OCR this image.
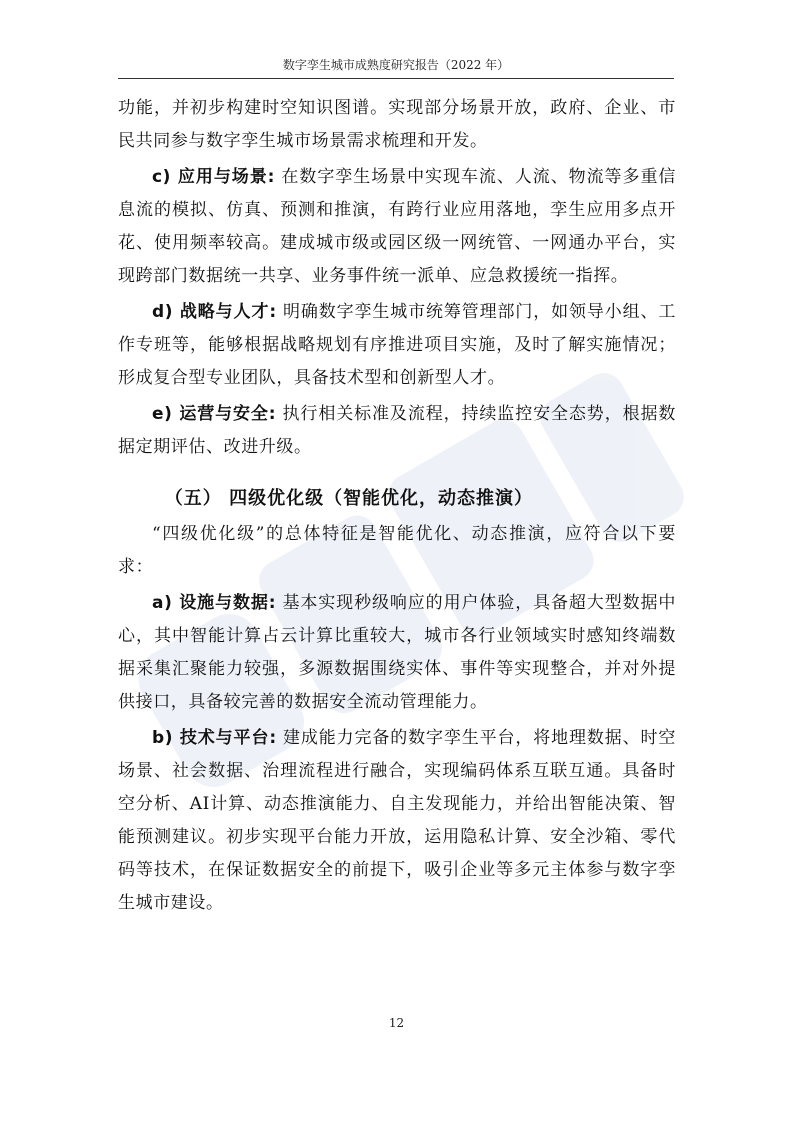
数字孪生城市成熟度研究报告（2022 年）

功能，并初步构建时空知识图谱。实现部分场景开放，政府、企业、市民共同参与数字孪生城市场景需求梳理和开发。

c) 应用与场景: 在数字孪生场景中实现车流、人流、物流等多重信息流的模拟、仿真、预测和推演，有跨行业应用落地，孪生应用多点开花、使用频率较高。建成城市级或园区级一网统管、一网通办平台，实现跨部门数据统一共享、业务事件统一派单、应急救援统一指挥。

d) 战略与人才: 明确数字孪生城市统筹管理部门，如领导小组、工作专班等，能够根据战略规划有序推进项目实施，及时了解实施情况；形成复合型专业团队，具备技术型和创新型人才。

e) 运营与安全: 执行相关标准及流程，持续监控安全态势，根据数据定期评估、改进升级。

（五） 四级优化级（智能优化，动态推演）

“四级优化级”的总体特征是智能优化、动态推演，应符合以下要求：

a) 设施与数据: 基本实现秒级响应的用户体验，具备超大型数据中心，其中智能计算占云计算比重较大，城市各行业领域实时感知终端数据采集汇聚能力较强，多源数据围绕实体、事件等实现整合，并对外提供接口，具备较完善的数据安全流动管理能力。

b) 技术与平台: 建成能力完备的数字孪生平台，将地理数据、时空场景、社会数据、治理流程进行融合，实现编码体系互联互通。具备时空分析、AI计算、动态推演能力、自主发现能力，并给出智能决策、智能预测建议。初步实现平台能力开放，运用隐私计算、安全沙箱、零代码等技术，在保证数据安全的前提下，吸引企业等多元主体参与数字孪生城市建设。

12
